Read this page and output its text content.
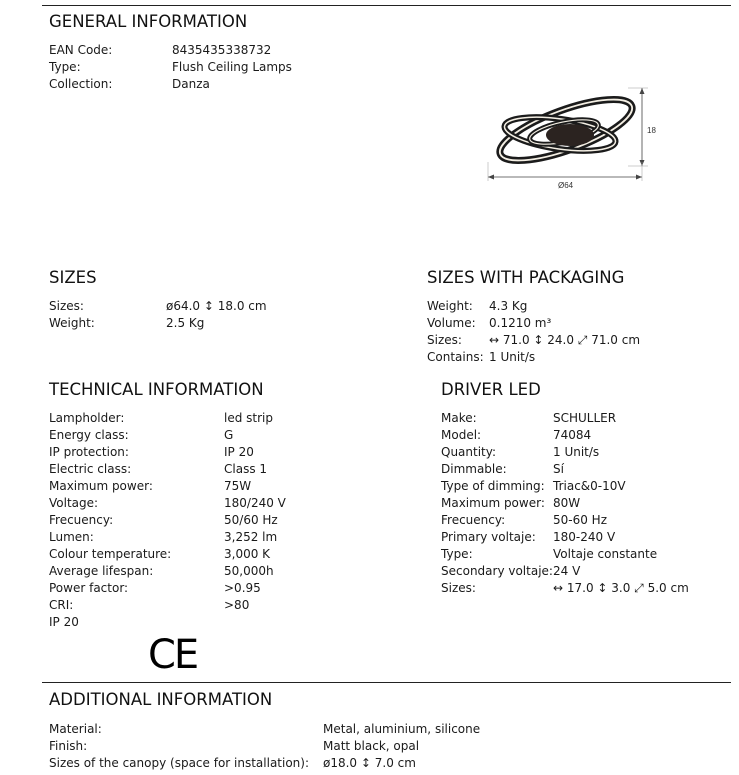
GENERAL INFORMATION
EAN Code:	8435435338732
Type:	Flush Ceiling Lamps
Collection:	Danza
18
Ø64
SIZES
Sizes:	ø64.0 ↕ 18.0 cm
Weight:	2.5 Kg
SIZES WITH PACKAGING
Weight: 4.3 Kg
Volume: 0.1210 m³
Sizes: ↔ 71.0 ↕ 24.0 ⤢ 71.0 cm
Contains: 1 Unit/s
TECHNICAL INFORMATION
Lampholder:	led strip
Energy class:	G
IP protection:	IP 20
Electric class:	Class 1
Maximum power:	75W
Voltage:	180/240 V
Frecuency:	50/60 Hz
Lumen:	3,252 lm
Colour temperature:	3,000 K
Average lifespan:	50,000h
Power factor:	>0.95
CRI:	>80
IP 20
CE
DRIVER LED
Make:	SCHULLER
Model:	74084
Quantity:	1 Unit/s
Dimmable:	Sí
Type of dimming: Triac&0-10V
Maximum power: 80W
Frecuency:	50-60 Hz
Primary voltaje: 180-240 V
Type:	Voltaje constante
Secondary voltaje: 24 V
Sizes:	↔ 17.0 ↕ 3.0 ⤢ 5.0 cm
ADDITIONAL INFORMATION
Material:	Metal, aluminium, silicone
Finish:	Matt black, opal
Sizes of the canopy (space for installation): ø18.0 ↕ 7.0 cm
